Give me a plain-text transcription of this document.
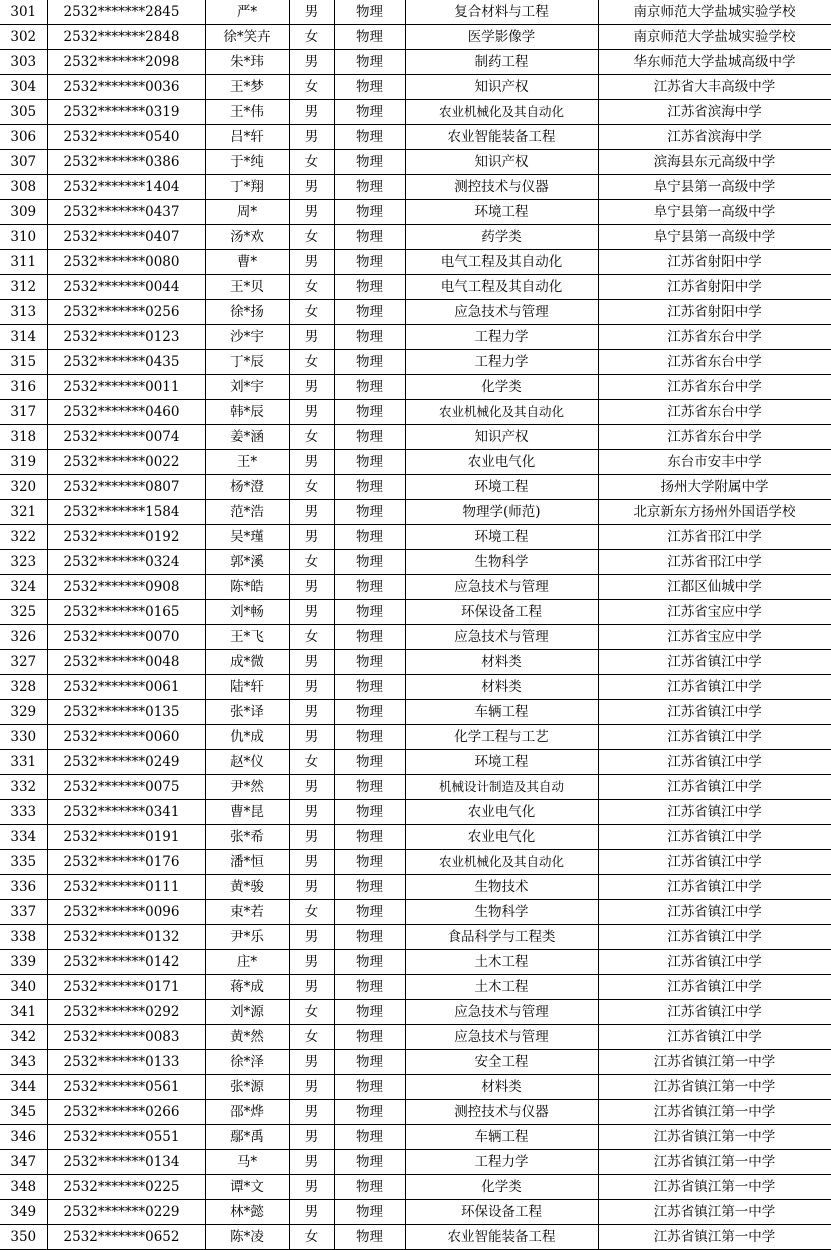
301	2532*******2845	严*	男	物理	复合材料与工程	南京师范大学盐城实验学校
302	2532*******2848	徐*笑卉	女	物理	医学影像学	南京师范大学盐城实验学校
303	2532*******2098	朱*玮	男	物理	制药工程	华东师范大学盐城高级中学
304	2532*******0036	王*梦	女	物理	知识产权	江苏省大丰高级中学
305	2532*******0319	王*伟	男	物理	农业机械化及其自动化	江苏省滨海中学
306	2532*******0540	吕*轩	男	物理	农业智能装备工程	江苏省滨海中学
307	2532*******0386	于*纯	女	物理	知识产权	滨海县东元高级中学
308	2532*******1404	丁*翔	男	物理	测控技术与仪器	阜宁县第一高级中学
309	2532*******0437	周*	男	物理	环境工程	阜宁县第一高级中学
310	2532*******0407	汤*欢	女	物理	药学类	阜宁县第一高级中学
311	2532*******0080	曹*	男	物理	电气工程及其自动化	江苏省射阳中学
312	2532*******0044	王*贝	女	物理	电气工程及其自动化	江苏省射阳中学
313	2532*******0256	徐*扬	女	物理	应急技术与管理	江苏省射阳中学
314	2532*******0123	沙*宇	男	物理	工程力学	江苏省东台中学
315	2532*******0435	丁*辰	女	物理	工程力学	江苏省东台中学
316	2532*******0011	刘*宇	男	物理	化学类	江苏省东台中学
317	2532*******0460	韩*辰	男	物理	农业机械化及其自动化	江苏省东台中学
318	2532*******0074	姜*涵	女	物理	知识产权	江苏省东台中学
319	2532*******0022	王*	男	物理	农业电气化	东台市安丰中学
320	2532*******0807	杨*澄	女	物理	环境工程	扬州大学附属中学
321	2532*******1584	范*浩	男	物理	物理学(师范)	北京新东方扬州外国语学校
322	2532*******0192	吴*瑾	男	物理	环境工程	江苏省邗江中学
323	2532*******0324	郭*溪	女	物理	生物科学	江苏省邗江中学
324	2532*******0908	陈*皓	男	物理	应急技术与管理	江都区仙城中学
325	2532*******0165	刘*畅	男	物理	环保设备工程	江苏省宝应中学
326	2532*******0070	王*飞	女	物理	应急技术与管理	江苏省宝应中学
327	2532*******0048	成*微	男	物理	材料类	江苏省镇江中学
328	2532*******0061	陆*轩	男	物理	材料类	江苏省镇江中学
329	2532*******0135	张*译	男	物理	车辆工程	江苏省镇江中学
330	2532*******0060	仇*成	男	物理	化学工程与工艺	江苏省镇江中学
331	2532*******0249	赵*仪	女	物理	环境工程	江苏省镇江中学
332	2532*******0075	尹*然	男	物理	机械设计制造及其自动	江苏省镇江中学
333	2532*******0341	曹*昆	男	物理	农业电气化	江苏省镇江中学
334	2532*******0191	张*希	男	物理	农业电气化	江苏省镇江中学
335	2532*******0176	潘*恒	男	物理	农业机械化及其自动化	江苏省镇江中学
336	2532*******0111	黄*骏	男	物理	生物技术	江苏省镇江中学
337	2532*******0096	束*若	女	物理	生物科学	江苏省镇江中学
338	2532*******0132	尹*乐	男	物理	食品科学与工程类	江苏省镇江中学
339	2532*******0142	庄*	男	物理	土木工程	江苏省镇江中学
340	2532*******0171	蒋*成	男	物理	土木工程	江苏省镇江中学
341	2532*******0292	刘*源	女	物理	应急技术与管理	江苏省镇江中学
342	2532*******0083	黄*然	女	物理	应急技术与管理	江苏省镇江中学
343	2532*******0133	徐*泽	男	物理	安全工程	江苏省镇江第一中学
344	2532*******0561	张*源	男	物理	材料类	江苏省镇江第一中学
345	2532*******0266	邵*烨	男	物理	测控技术与仪器	江苏省镇江第一中学
346	2532*******0551	鄢*禹	男	物理	车辆工程	江苏省镇江第一中学
347	2532*******0134	马*	男	物理	工程力学	江苏省镇江第一中学
348	2532*******0225	谭*文	男	物理	化学类	江苏省镇江第一中学
349	2532*******0229	林*懿	男	物理	环保设备工程	江苏省镇江第一中学
350	2532*******0652	陈*凌	女	物理	农业智能装备工程	江苏省镇江第一中学
